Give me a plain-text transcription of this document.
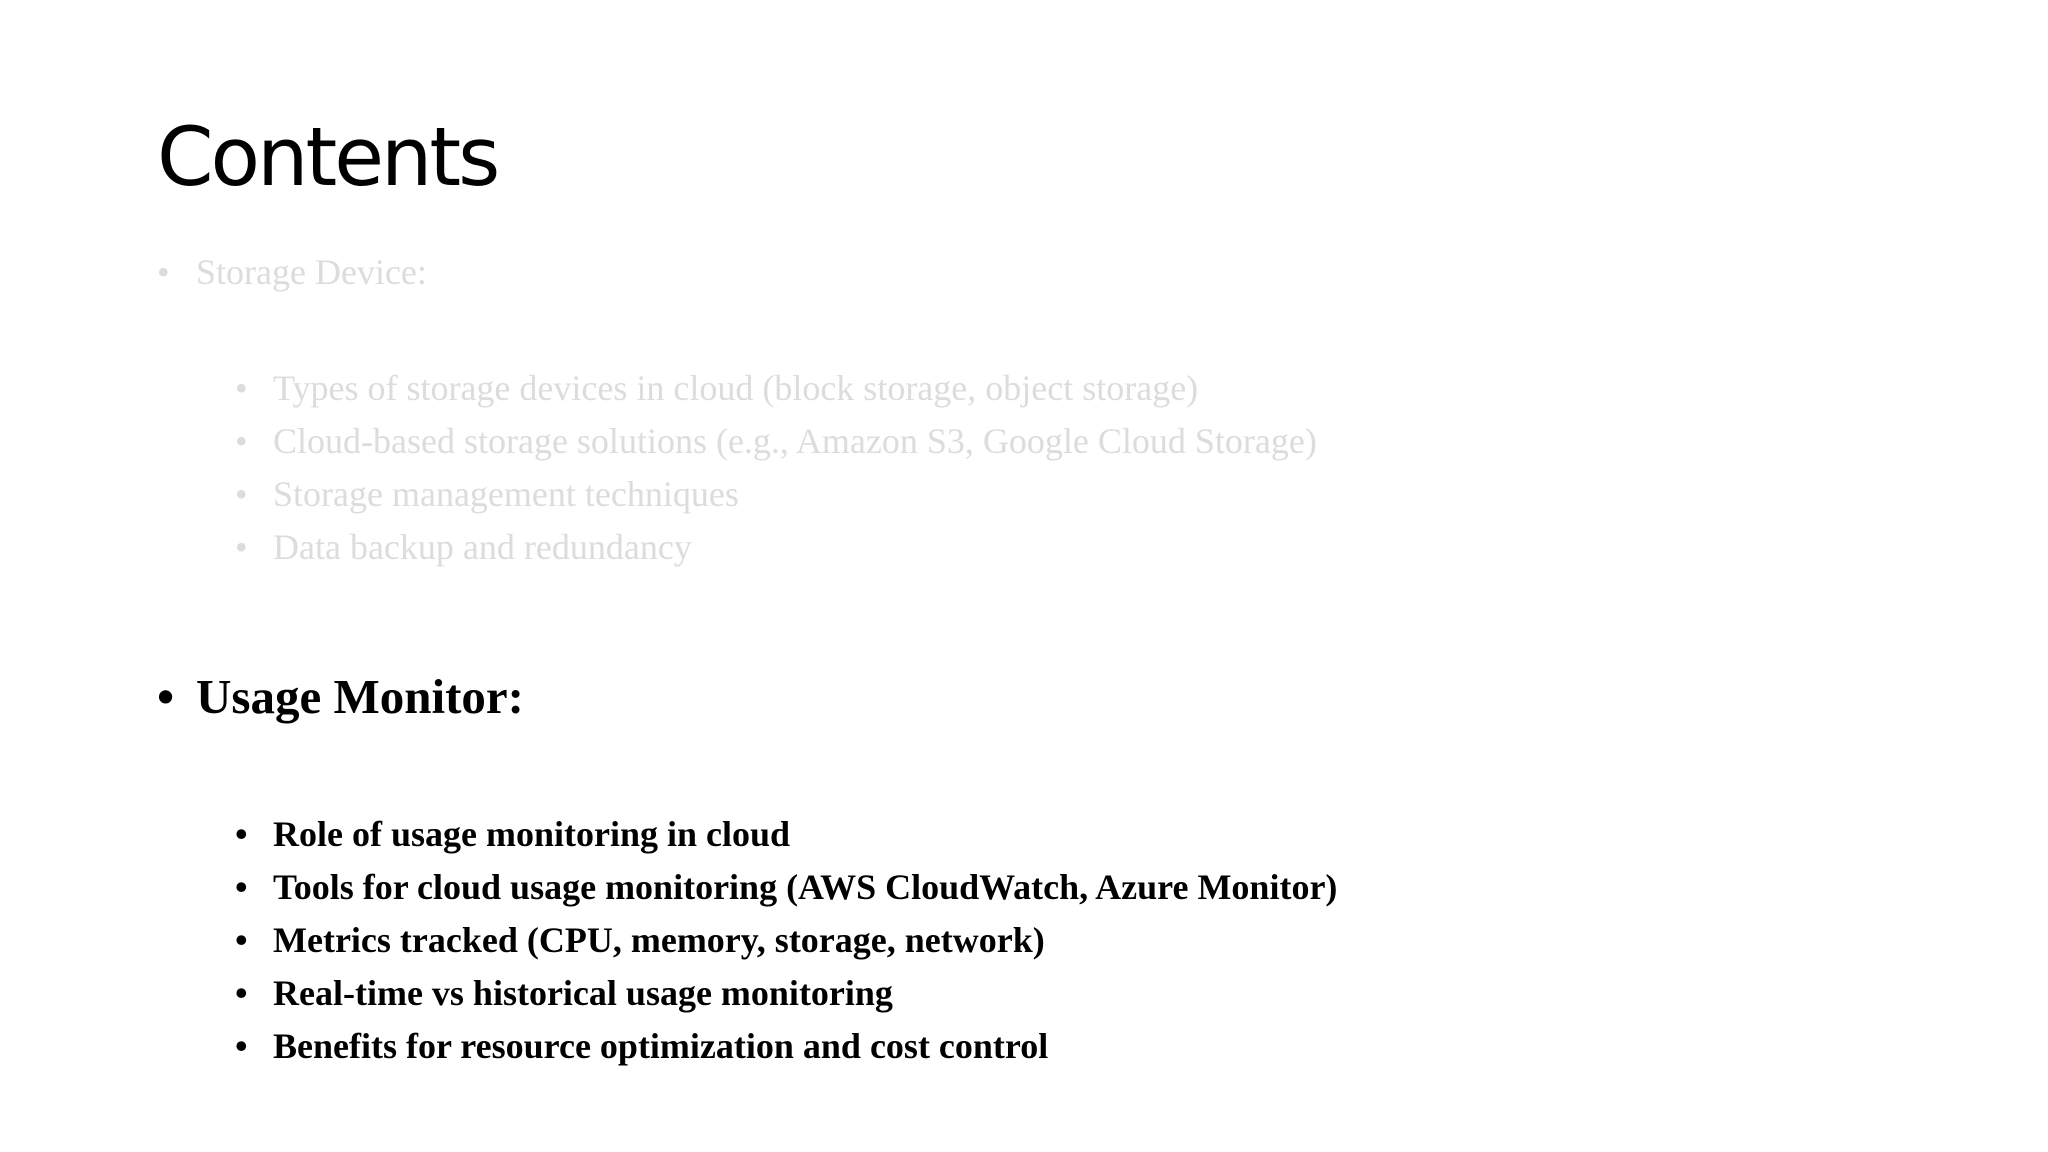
Contents
• Storage Device:
• Types of storage devices in cloud (block storage, object storage)
• Cloud-based storage solutions (e.g., Amazon S3, Google Cloud Storage)
• Storage management techniques
• Data backup and redundancy
• Usage Monitor:
• Role of usage monitoring in cloud
• Tools for cloud usage monitoring (AWS CloudWatch, Azure Monitor)
• Metrics tracked (CPU, memory, storage, network)
• Real-time vs historical usage monitoring
• Benefits for resource optimization and cost control
